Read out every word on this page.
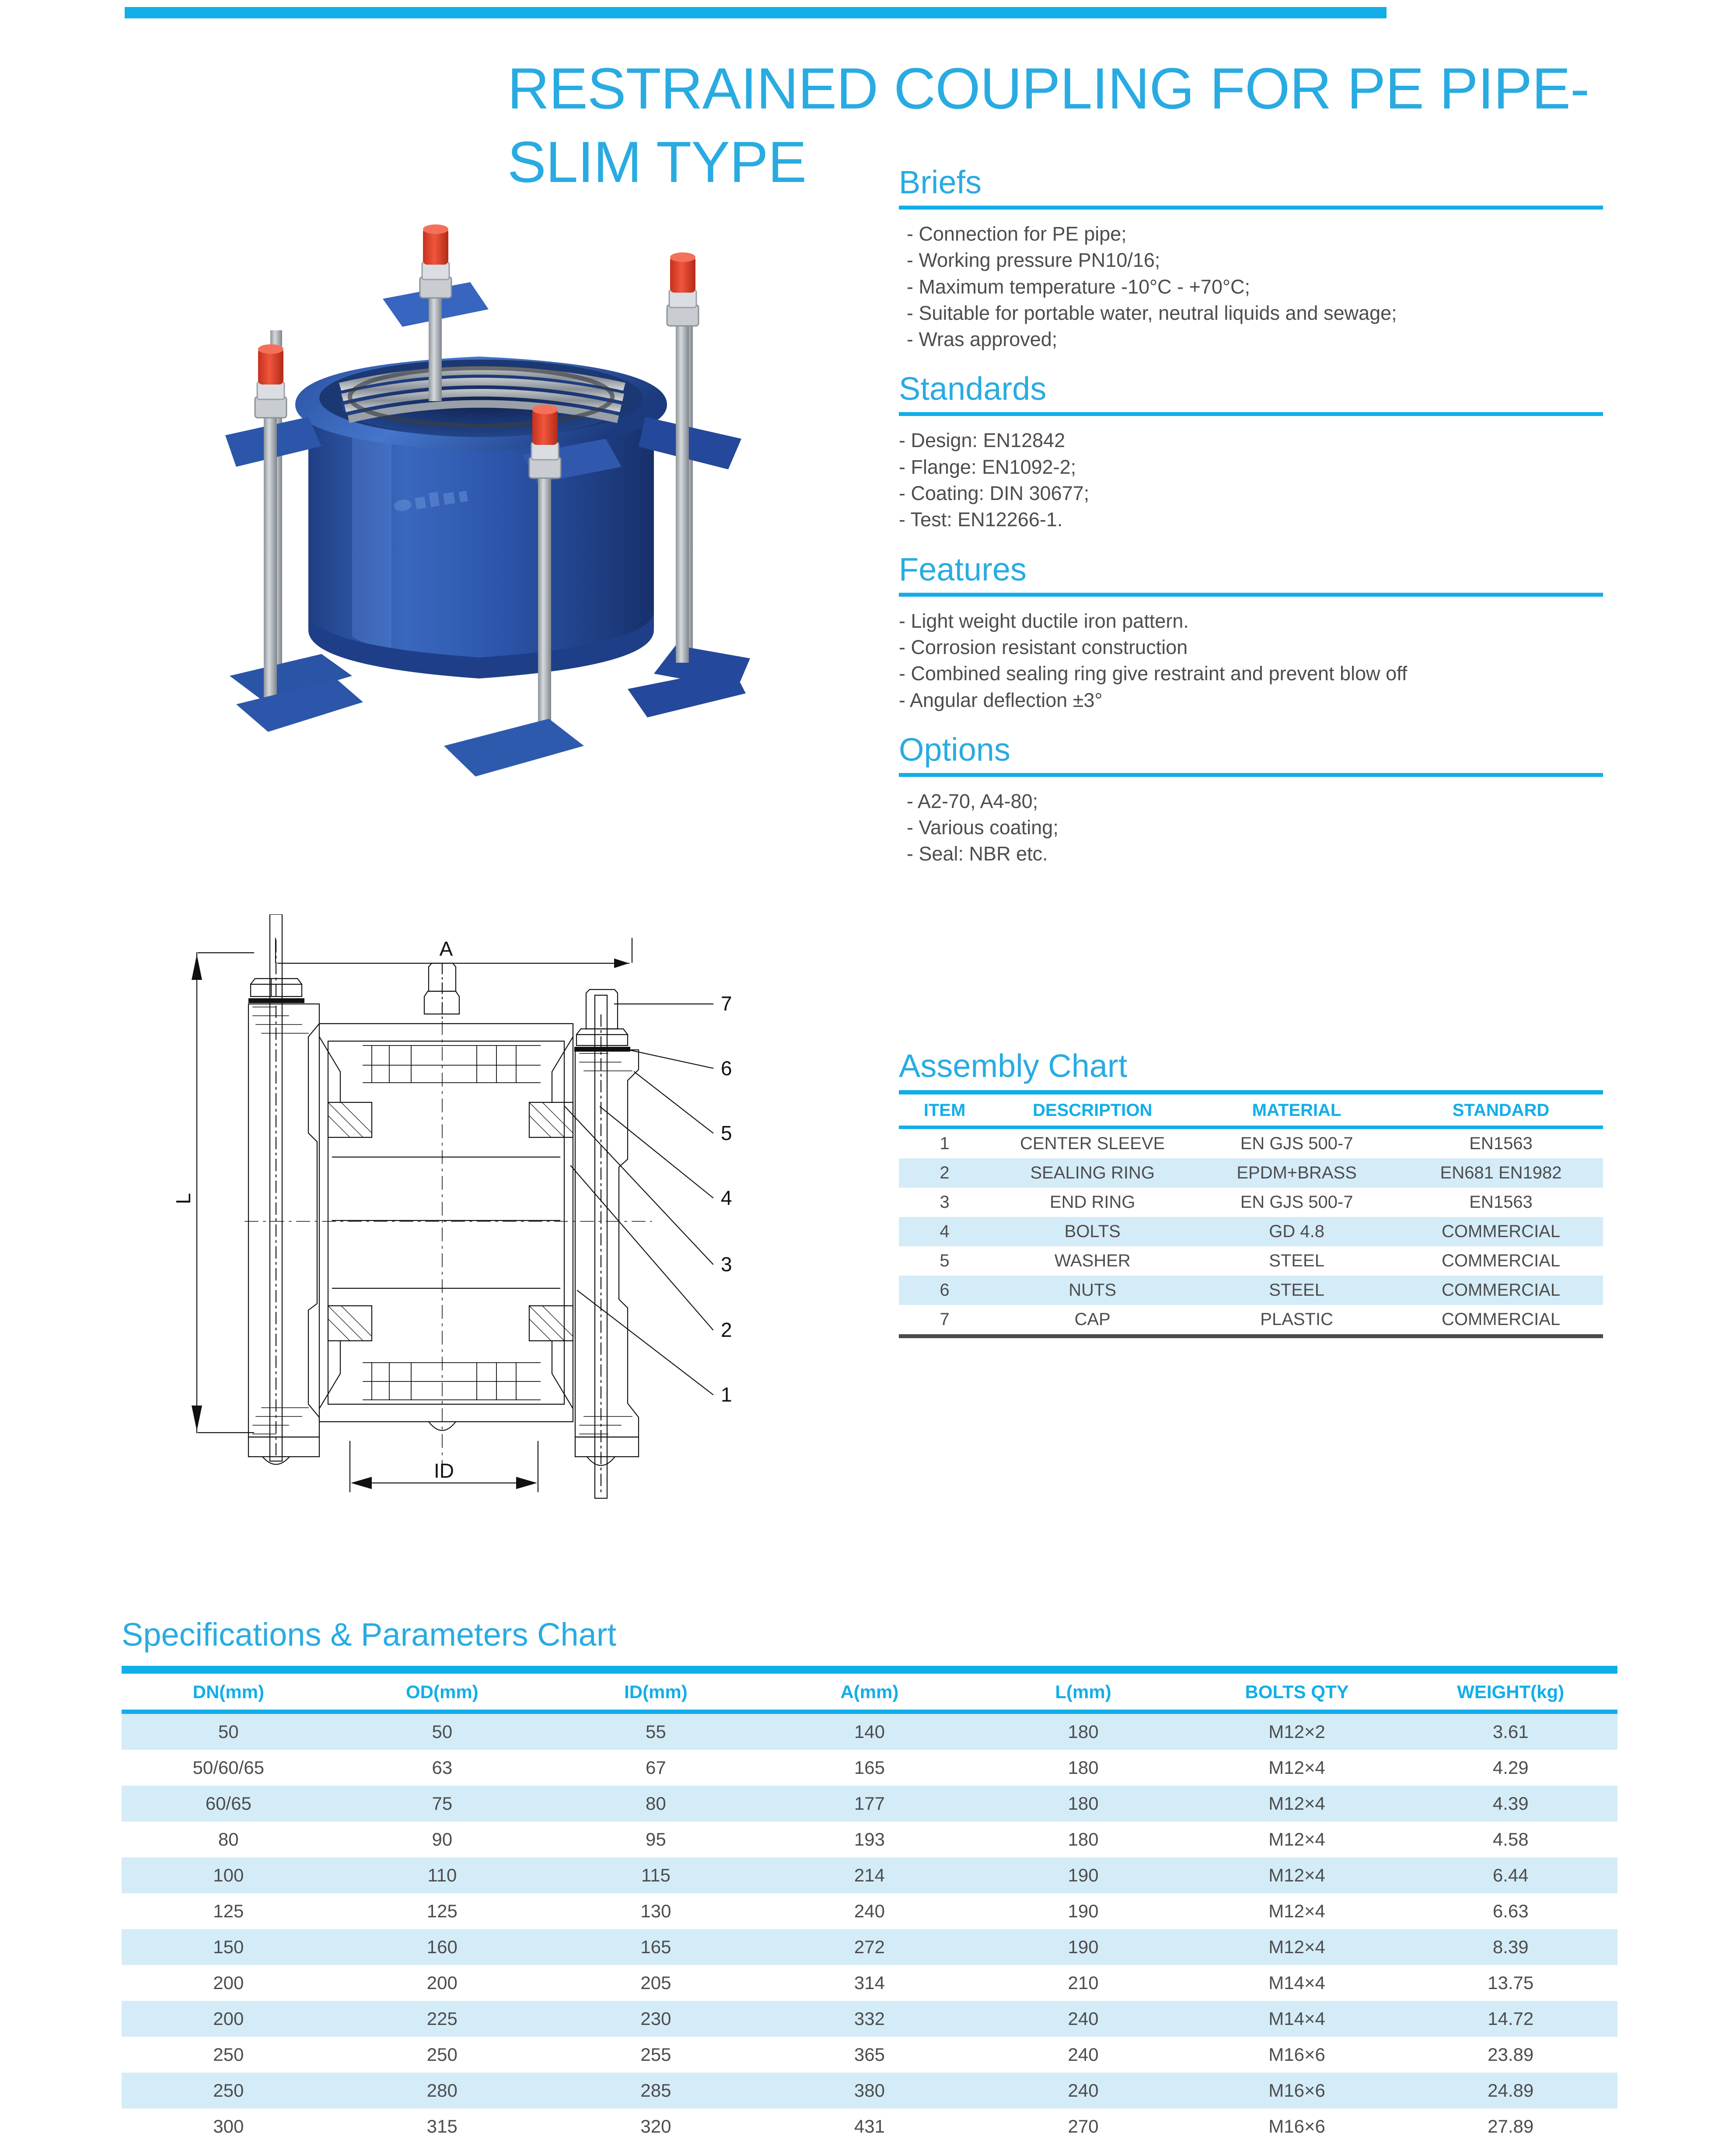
RESTRAINED COUPLING FOR PE PIPE-SLIM TYPE
A
L
ID
7
6
5
4
3
2
1
Briefs
- Connection for PE pipe;
- Working pressure PN10/16;
- Maximum temperature -10°C - +70°C;
- Suitable for portable water, neutral liquids and sewage;
- Wras approved;
Standards
- Design: EN12842
- Flange: EN1092-2;
- Coating: DIN 30677;
- Test: EN12266-1.
Features
- Light weight ductile iron pattern.
- Corrosion resistant construction
- Combined sealing ring give restraint and prevent blow off
- Angular deflection ±3°
Options
- A2-70, A4-80;
- Various coating;
- Seal: NBR etc.
Assembly Chart
ITEM	DESCRIPTION	MATERIAL	STANDARD
1	CENTER SLEEVE	EN GJS 500-7	EN1563
2	SEALING RING	EPDM+BRASS	EN681 EN1982
3	END RING	EN GJS 500-7	EN1563
4	BOLTS	GD 4.8	COMMERCIAL
5	WASHER	STEEL	COMMERCIAL
6	NUTS	STEEL	COMMERCIAL
7	CAP	PLASTIC	COMMERCIAL
Specifications & Parameters Chart
DN(mm)	OD(mm)	ID(mm)	A(mm)	L(mm)	BOLTS QTY	WEIGHT(kg)
50	50	55	140	180	M12×2	3.61
50/60/65	63	67	165	180	M12×4	4.29
60/65	75	80	177	180	M12×4	4.39
80	90	95	193	180	M12×4	4.58
100	110	115	214	190	M12×4	6.44
125	125	130	240	190	M12×4	6.63
150	160	165	272	190	M12×4	8.39
200	200	205	314	210	M14×4	13.75
200	225	230	332	240	M14×4	14.72
250	250	255	365	240	M16×6	23.89
250	280	285	380	240	M16×6	24.89
300	315	320	431	270	M16×6	27.89
